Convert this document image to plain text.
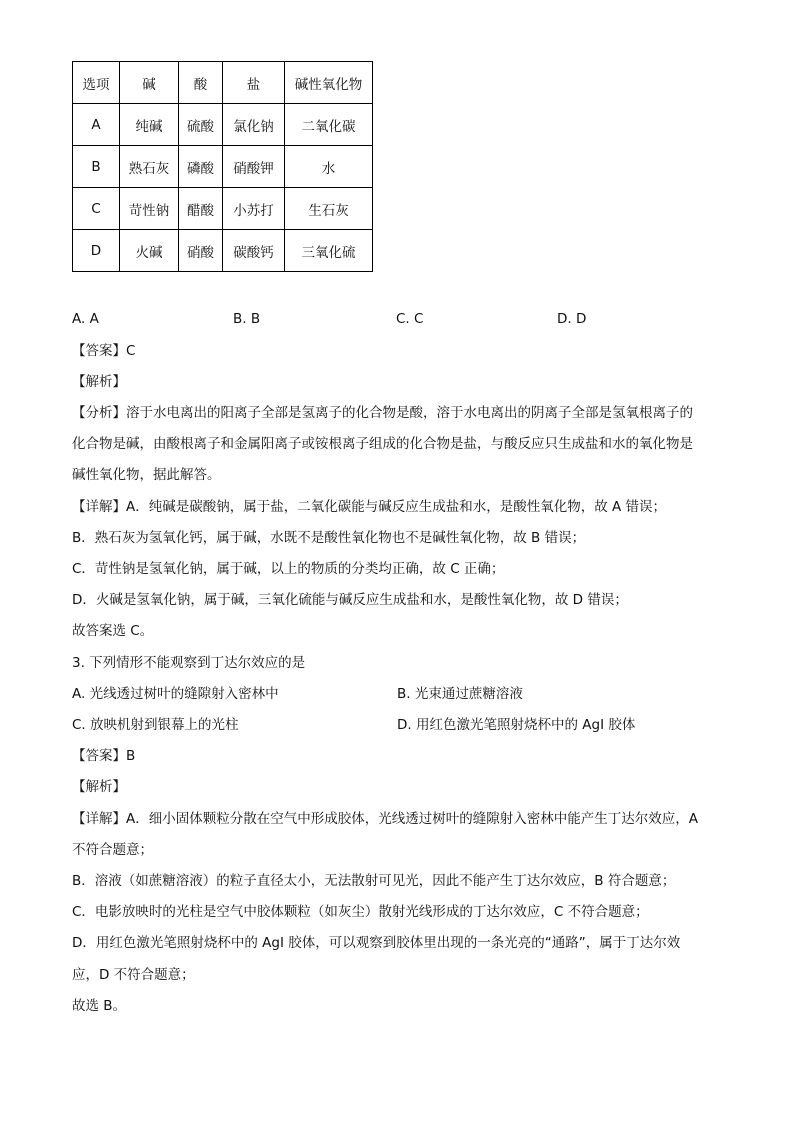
选项	碱	酸	盐	碱性氧化物
A	纯碱	硫酸	氯化钠	二氧化碳
B	熟石灰	磷酸	硝酸钾	水
C	苛性钠	醋酸	小苏打	生石灰
D	火碱	硝酸	碳酸钙	三氧化硫
A. A	B. B	C. C	D. D
【答案】C
【解析】
【分析】溶于水电离出的阳离子全部是氢离子的化合物是酸，溶于水电离出的阴离子全部是氢氧根离子的
化合物是碱，由酸根离子和金属阳离子或铵根离子组成的化合物是盐，与酸反应只生成盐和水的氧化物是
碱性氧化物，据此解答。
【详解】A．纯碱是碳酸钠，属于盐，二氧化碳能与碱反应生成盐和水，是酸性氧化物，故 A 错误；
B．熟石灰为氢氧化钙，属于碱，水既不是酸性氧化物也不是碱性氧化物，故 B 错误；
C．苛性钠是氢氧化钠，属于碱，以上的物质的分类均正确，故 C 正确；
D．火碱是氢氧化钠，属于碱，三氧化硫能与碱反应生成盐和水，是酸性氧化物，故 D 错误；
故答案选 C。
3. 下列情形不能观察到丁达尔效应的是
A. 光线透过树叶的缝隙射入密林中	B. 光束通过蔗糖溶液
C. 放映机射到银幕上的光柱	D. 用红色激光笔照射烧杯中的 AgI 胶体
【答案】B
【解析】
【详解】A．细小固体颗粒分散在空气中形成胶体，光线透过树叶的缝隙射入密林中能产生丁达尔效应，A
不符合题意；
B．溶液（如蔗糖溶液）的粒子直径太小，无法散射可见光，因此不能产生丁达尔效应，B 符合题意；
C．电影放映时的光柱是空气中胶体颗粒（如灰尘）散射光线形成的丁达尔效应，C 不符合题意；
D．用红色激光笔照射烧杯中的 AgI 胶体，可以观察到胶体里出现的一条光亮的“通路”，属于丁达尔效
应，D 不符合题意；
故选 B。
